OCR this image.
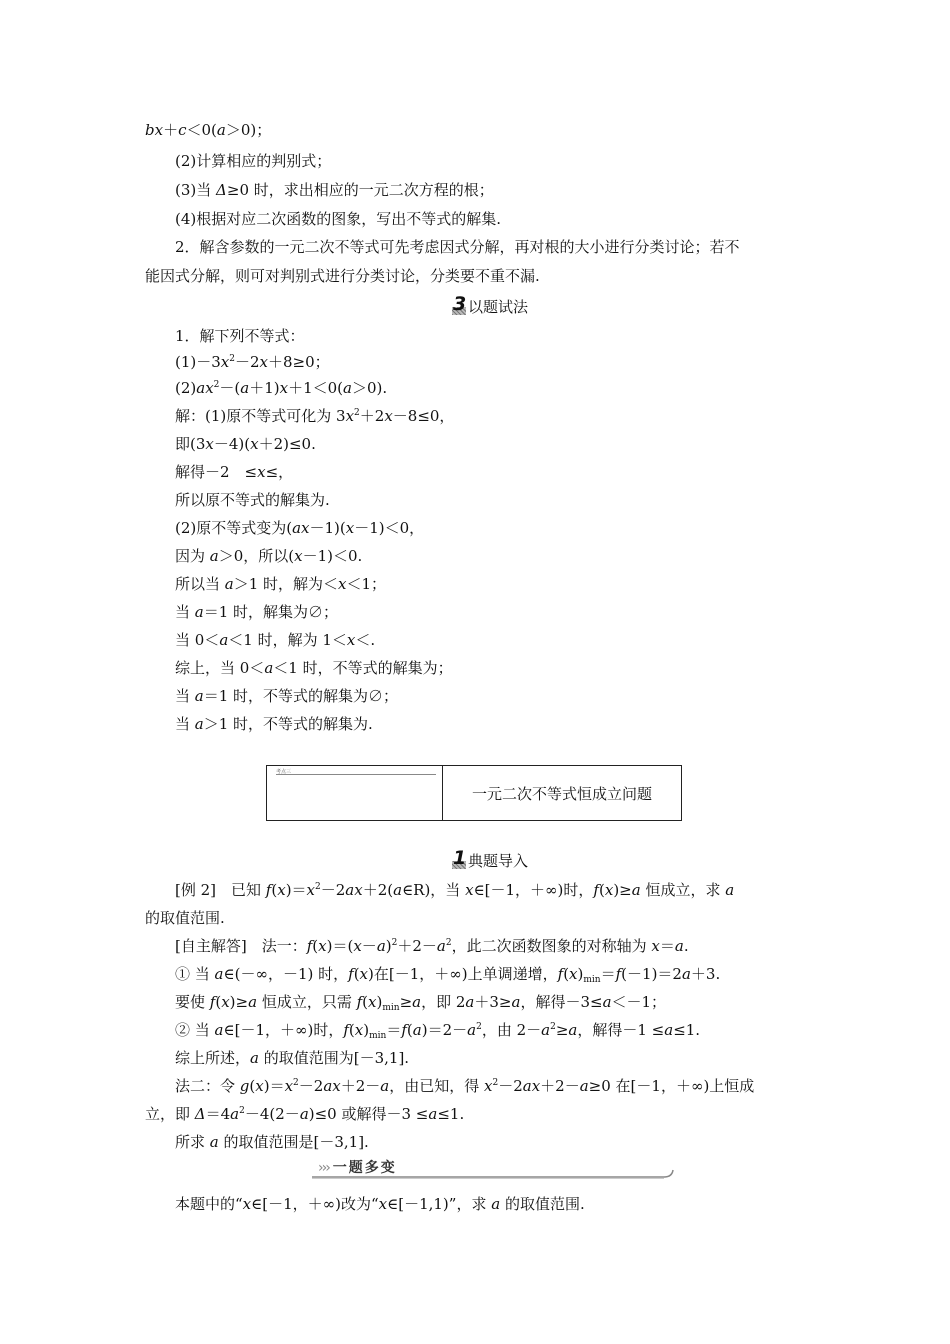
bx＋c＜0(a＞0)；
(2)计算相应的判别式；
(3)当 Δ≥0 时，求出相应的一元二次方程的根；
(4)根据对应二次函数的图象，写出不等式的解集.
2．解含参数的一元二次不等式可先考虑因式分解，再对根的大小进行分类讨论；若不
能因式分解，则可对判别式进行分类讨论，分类要不重不漏.
1．解下列不等式：
$(1)-3x^2-2x+8\ge 0$；
$(2)ax^2-(a+1)x+1<0(a>0)$.
解：(1)原不等式可化为 $3x^2+2x-8\le 0$，
即(3x－4)(x＋2)≤0.
解得－2　≤x≤，
所以原不等式的解集为.
(2)原不等式变为(ax－1)(x－1)＜0，
因为 a＞0，所以(x－1)＜0.
所以当 a＞1 时，解为＜x＜1；
当 a＝1 时，解集为∅；
当 0＜a＜1 时，解为 1＜x＜.
综上，当 0＜a＜1 时，不等式的解集为；
当 a＝1 时，不等式的解集为∅；
当 a＞1 时，不等式的解集为.
[例 2]　已知 $f(x)=x^2-2ax+2(a\in R)$，当 x∈[－1，＋∞)时，f(x)≥a 恒成立，求 a
的取值范围.
[自主解答]　法一：$f(x)=(x-a)^2+2-a^2$，此二次函数图象的对称轴为 x＝a.
① 当 a∈(－∞，－1) 时，f(x)在[－1，＋∞)上单调递增，$f(x)_{min}=f(-1)=2a+3$.
要使 f(x)≥a 恒成立，只需 $f(x)_{min}\ge a$，即 2a＋3≥a，解得－3≤a＜－1；
② 当 a∈[－1，＋∞)时，$f(x)_{min}=f(a)=2-a^2$，由 $2-a^2\ge a$，解得－1 ≤a≤1.
综上所述，a 的取值范围为[－3,1].
法二：令 $g(x)=x^2-2ax+2-a$，由已知，得 $x^2-2ax+2-a\ge 0$ 在[－1，＋∞)上恒成
立，即 $\Delta=4a^2-4(2-a)\le 0$ 或解得－3 ≤a≤1.
所求 a 的取值范围是[－3,1].
本题中的“x∈[－1，＋∞)改为“x∈[－1,1)”，求 a 的取值范围.
3 以题试法
考点三
一元二次不等式恒成立问题
1 典题导入
››› 一题多变
